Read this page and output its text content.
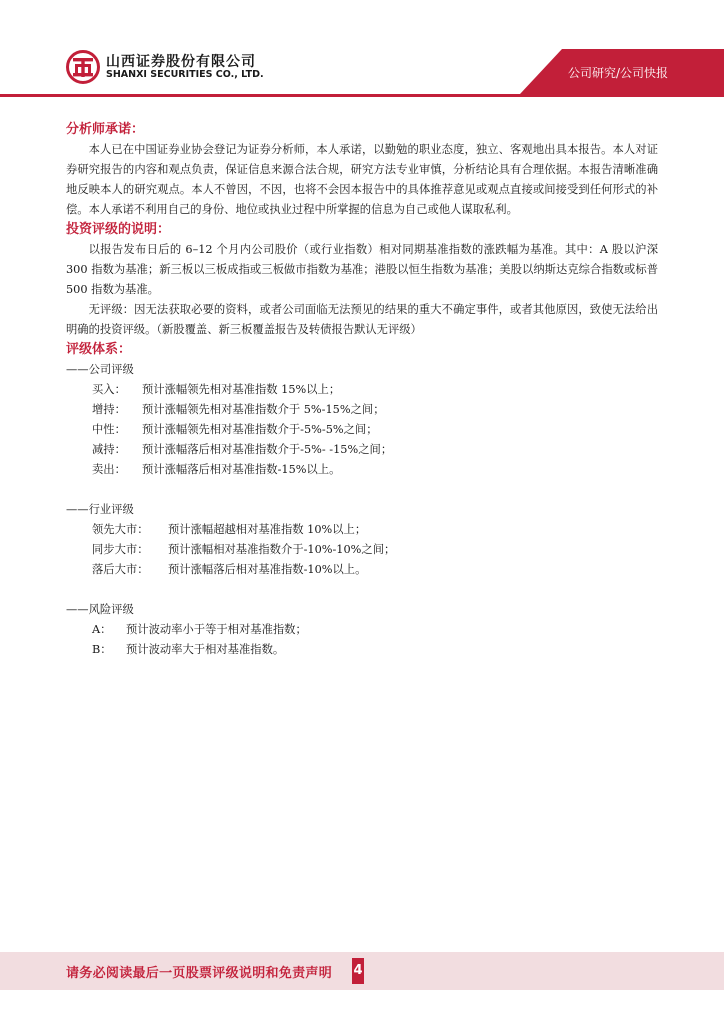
山西证券股份有限公司
SHANXI SECURITIES CO., LTD.	公司研究/公司快报

分析师承诺：

本人已在中国证券业协会登记为证券分析师，本人承诺，以勤勉的职业态度，独立、客观地出具本报告。本人对证券研究报告的内容和观点负责，保证信息来源合法合规，研究方法专业审慎，分析结论具有合理依据。本报告清晰准确地反映本人的研究观点。本人不曾因，不因，也将不会因本报告中的具体推荐意见或观点直接或间接受到任何形式的补偿。本人承诺不利用自己的身份、地位或执业过程中所掌握的信息为自己或他人谋取私利。

投资评级的说明：

以报告发布日后的 6–12 个月内公司股价（或行业指数）相对同期基准指数的涨跌幅为基准。其中：A 股以沪深 300 指数为基准；新三板以三板成指或三板做市指数为基准；港股以恒生指数为基准；美股以纳斯达克综合指数或标普 500 指数为基准。

无评级：因无法获取必要的资料，或者公司面临无法预见的结果的重大不确定事件，或者其他原因，致使无法给出明确的投资评级。（新股覆盖、新三板覆盖报告及转债报告默认无评级）

评级体系：

——公司评级

买入： 预计涨幅领先相对基准指数 15%以上；

增持： 预计涨幅领先相对基准指数介于 5%-15%之间；

中性： 预计涨幅领先相对基准指数介于-5%-5%之间；

减持： 预计涨幅落后相对基准指数介于-5%- -15%之间；

卖出： 预计涨幅落后相对基准指数-15%以上。

——行业评级

领先大市： 预计涨幅超越相对基准指数 10%以上；

同步大市： 预计涨幅相对基准指数介于-10%-10%之间；

落后大市： 预计涨幅落后相对基准指数-10%以上。

——风险评级

A： 预计波动率小于等于相对基准指数；

B： 预计波动率大于相对基准指数。

请务必阅读最后一页股票评级说明和免责声明 4
